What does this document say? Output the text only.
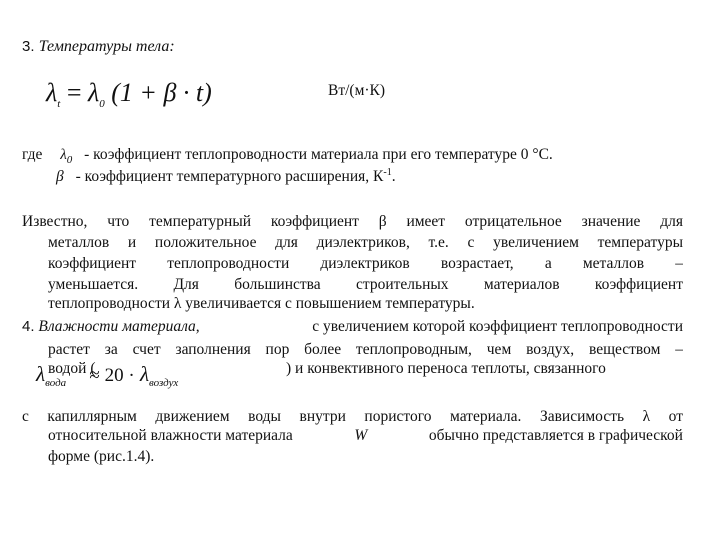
3. Температуры тела:
$\lambda_t = \lambda_0$ (1 + β · t)	Вт/(м·К)
где $\lambda_0$ - коэффициент теплопроводности материала при его температуре 0 °С.
β - коэффициент температурного расширения, $К^{-1}$.
Известно, что температурный коэффициент β имеет отрицательное значение для
металлов и положительное для диэлектриков, т.е. с увеличением температуры
коэффициент теплопроводности диэлектриков возрастает, а металлов –
уменьшается. Для большинства строительных материалов коэффициент
теплопроводности λ увеличивается с повышением температуры.
4. Влажности материала,	с увеличением которой коэффициент теплопроводности
растет за счет заполнения пор более теплопроводным, чем воздух, веществом –
водой (
$\lambda_{вода} \approx 20 \cdot \lambda_{воздух}$
) и конвективного переноса теплоты, связанного
с капиллярным движением воды внутри пористого материала. Зависимость λ от
относительной влажности материала	W	обычно представляется в графической
форме (рис.1.4).
